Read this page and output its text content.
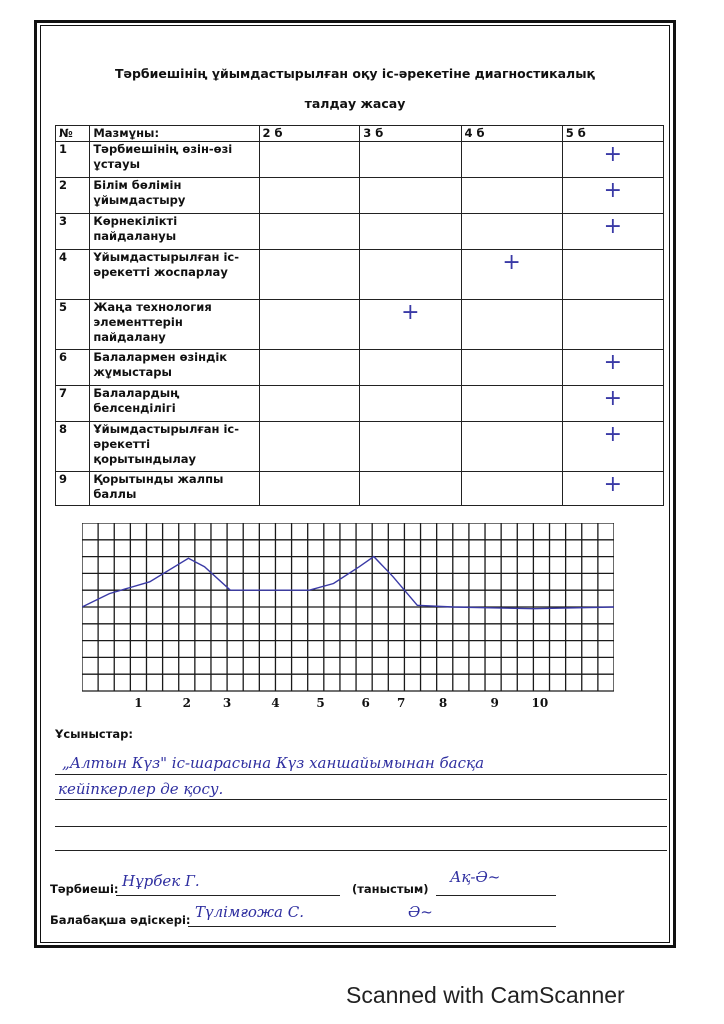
Тәрбиешінің ұйымдастырылған оқу іс-әрекетіне диагностикалық
талдау жасау
№	Мазмұны:	2 б	3 б	4 б	5 б
1	Тәрбиешінің өзін-өзі ұстауы				+

2	Білім бөлімін ұйымдастыру				+

3	Көрнекілікті пайдалануы				+

4	Ұйымдастырылған іс-әрекетті жоспарлау			+	

5	Жаңа технология элементтерін пайдалану		+		

6	Балалармен өзіндік жұмыстары				+

7	Балалардың белсенділігі				+

8	Ұйымдастырылған іс-әрекетті қорытындылау				+

9	Қорытынды жалпы баллы				+
1	2	3	4	5	6 7	8	9	10
Ұсыныстар:
„Алтын Күз" іс-шарасына Күз ханшайымынан басқа
кейіпкерлер де қосу.
Тәрбиеші: Нұрбек Г.	(таныстым)
Ақ-Ә~
Балабақша әдіскері: Түлімғожа С.	Ә~
Scanned with CamScanner
